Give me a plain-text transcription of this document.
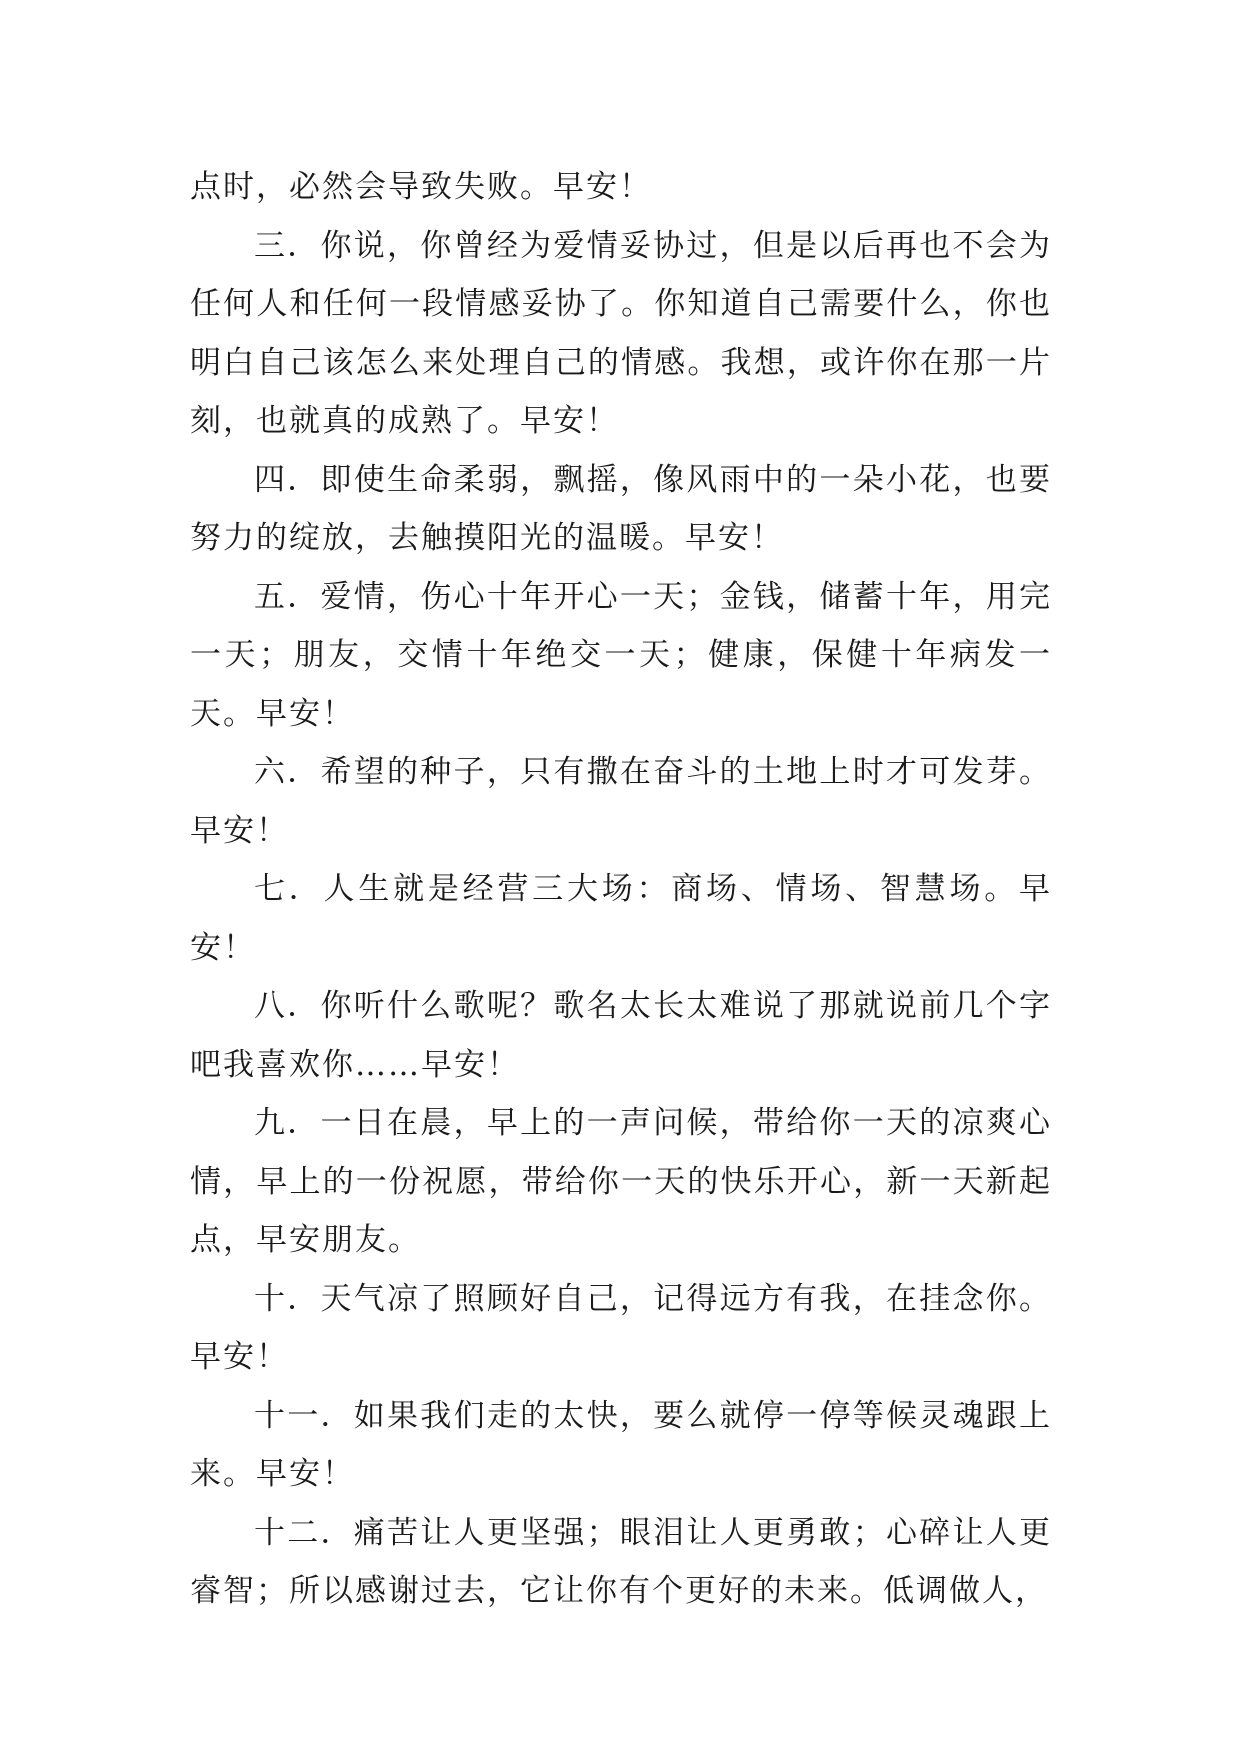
点时，必然会导致失败。早安！

三．你说，你曾经为爱情妥协过，但是以后再也不会为任何人和任何一段情感妥协了。你知道自己需要什么，你也明白自己该怎么来处理自己的情感。我想，或许你在那一片刻，也就真的成熟了。早安！

四．即使生命柔弱，飘摇，像风雨中的一朵小花，也要努力的绽放，去触摸阳光的温暖。早安！

五．爱情，伤心十年开心一天；金钱，储蓄十年，用完一天；朋友，交情十年绝交一天；健康，保健十年病发一天。早安！

六．希望的种子，只有撒在奋斗的土地上时才可发芽。早安！

七．人生就是经营三大场：商场、情场、智慧场。早安！

八．你听什么歌呢？歌名太长太难说了那就说前几个字吧我喜欢你……早安！

九．一日在晨，早上的一声问候，带给你一天的凉爽心情，早上的一份祝愿，带给你一天的快乐开心，新一天新起点，早安朋友。

十．天气凉了照顾好自己，记得远方有我，在挂念你。早安！

十一．如果我们走的太快，要么就停一停等候灵魂跟上来。早安！

十二．痛苦让人更坚强；眼泪让人更勇敢；心碎让人更睿智；所以感谢过去，它让你有个更好的未来。低调做人，
